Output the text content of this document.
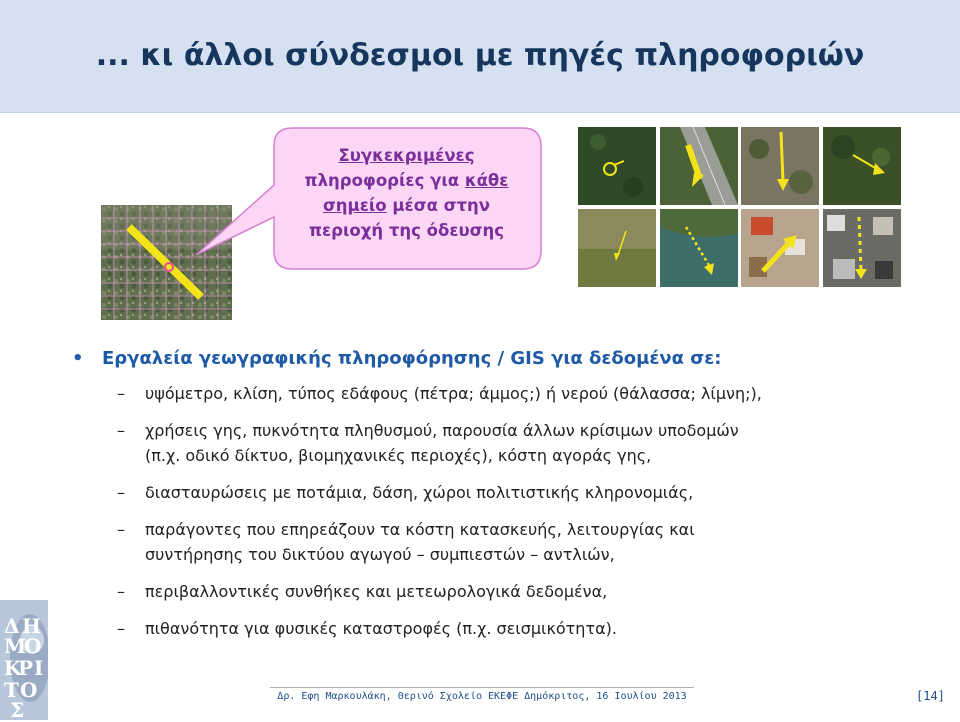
... κι άλλοι σύνδεσμοι με πηγές πληροφοριών
Συγκεκριμένες
πληροφορίες για κάθε
σημείο μέσα στην
περιοχή της όδευσης
• Εργαλεία γεωγραφικής πληροφόρησης / GIS για δεδομένα σε:
– υψόμετρο, κλίση, τύπος εδάφους (πέτρα; άμμος;) ή νερού (θάλασσα; λίμνη;),
– χρήσεις γης, πυκνότητα πληθυσμού, παρουσία άλλων κρίσιμων υποδομών
(π.χ. οδικό δίκτυο, βιομηχανικές περιοχές), κόστη αγοράς γης,
– διασταυρώσεις με ποτάμια, δάση, χώροι πολιτιστικής κληρονομιάς,
– παράγοντες που επηρεάζουν τα κόστη κατασκευής, λειτουργίας και
συντήρησης του δικτύου αγωγού – συμπιεστών – αντλιών,
– περιβαλλοντικές συνθήκες και μετεωρολογικά δεδομένα,
– πιθανότητα για φυσικές καταστροφές (π.χ. σεισμικότητα).
Δ Η
Μ
Ο
Κ
Ρ Ι
Τ Ο
Σ
Δρ. Εφη Μαρκουλάκη, Θερινό Σχολείο ΕΚΕΦΕ Δημόκριτος, 16 Ιουλίου 2013	[14]
